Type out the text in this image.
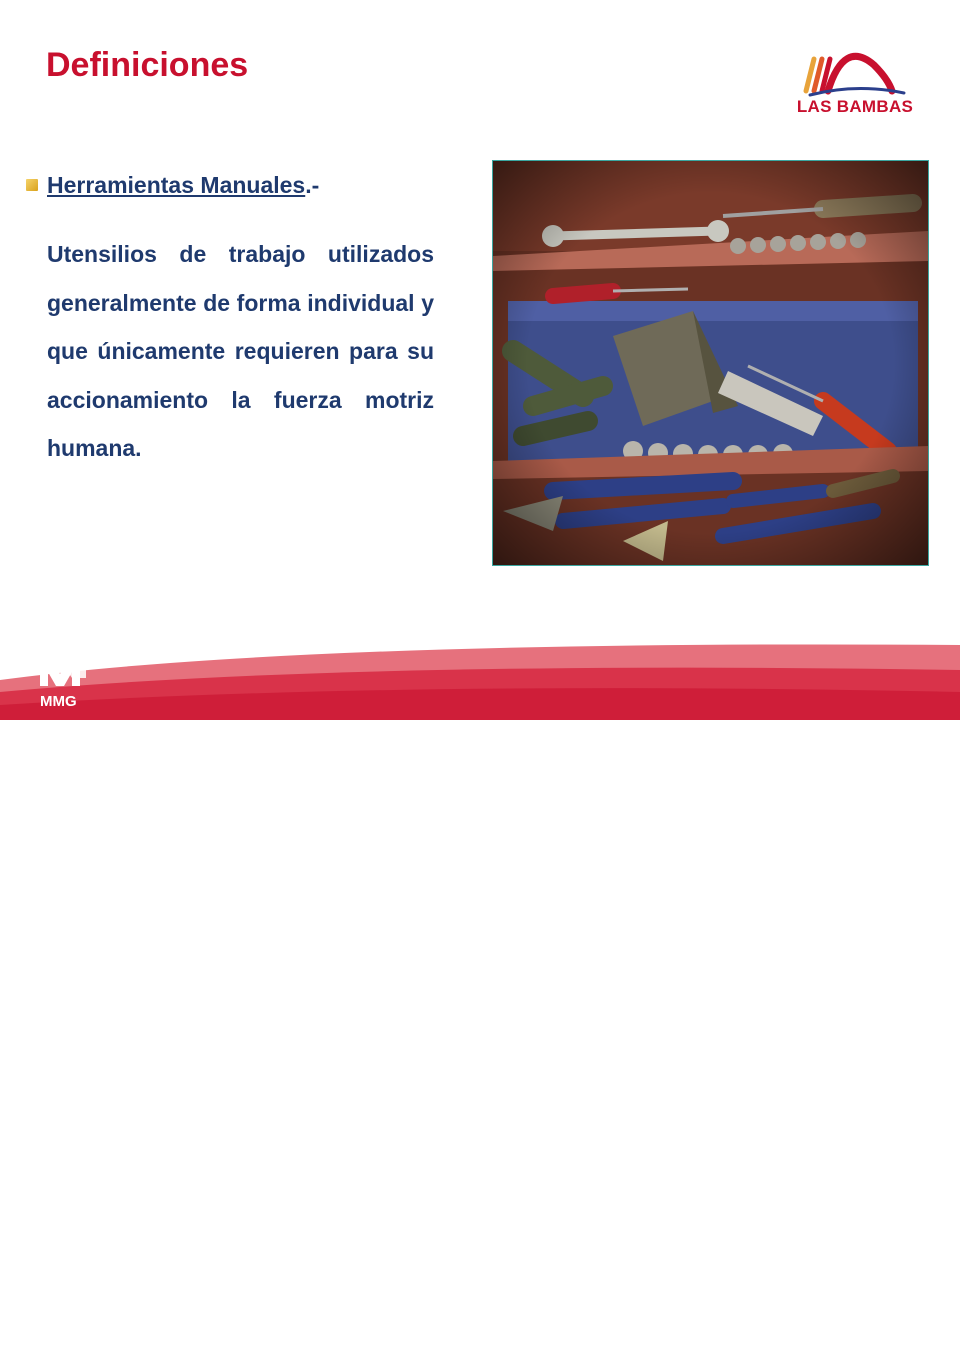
Definiciones
LAS BAMBAS
Herramientas Manuales.-

Utensilios de trabajo utilizados generalmente de forma individual y que únicamente requieren para su accionamiento la fuerza motriz humana.

MMG
MINERÍA PARA EL PROGRESO
